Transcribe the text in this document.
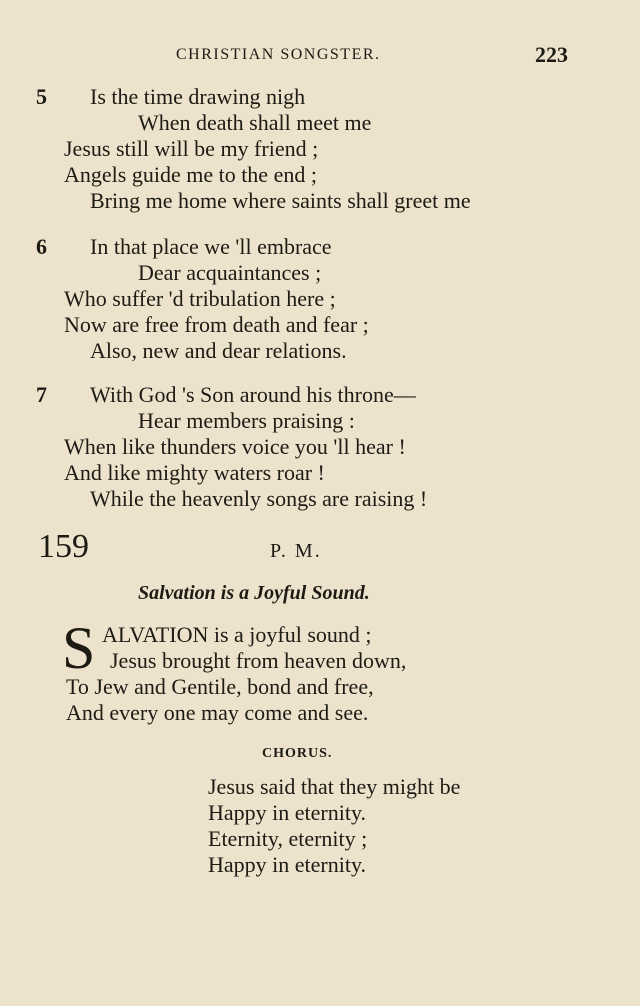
CHRISTIAN SONGSTER.	223
5 Is the time drawing nigh
When death shall meet me
Jesus still will be my friend ;
Angels guide me to the end ;
Bring me home where saints shall greet me
6 In that place we 'll embrace
Dear acquaintances ;
Who suffer 'd tribulation here ;
Now are free from death and fear ;
Also, new and dear relations.
7 With God 's Son around his throne—
Hear members praising :
When like thunders voice you 'll hear !
And like mighty waters roar !
While the heavenly songs are raising !
159	P. M.
Salvation is a Joyful Sound.
S ALVATION is a joyful sound ;
Jesus brought from heaven down,
To Jew and Gentile, bond and free,
And every one may come and see.
CHORUS.
Jesus said that they might be
Happy in eternity.
Eternity, eternity ;
Happy in eternity.
